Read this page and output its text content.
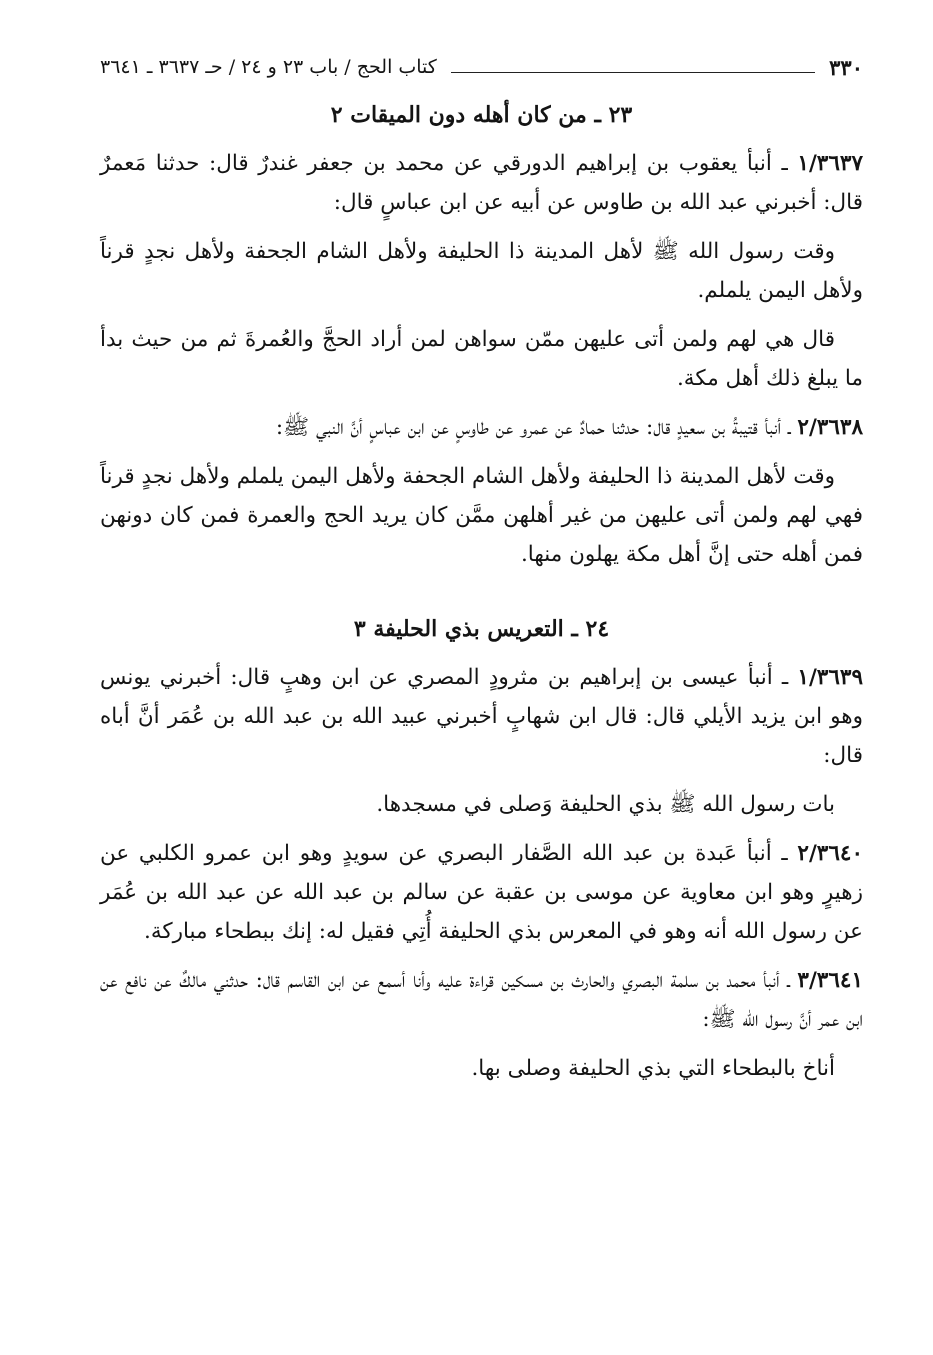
٣٣٠
كتاب الحج / باب ٢٣ و ٢٤ / حـ ٣٦٣٧ ـ ٣٦٤١
٢٣ ـ من كان أهله دون الميقات ٢

١/٣٦٣٧ ـ أنبأ يعقوب بن إبراهيم الدورقي عن محمد بن جعفر غندرٌ قال: حدثنا مَعمرٌ قال: أخبرني عبد الله بن طاوس عن أبيه عن ابن عباسٍ قال:

وقت رسول الله ﷺ لأهل المدينة ذا الحليفة ولأهل الشام الجحفة ولأهل نجدٍ قرناً ولأهل اليمن يلملم.

قال هي لهم ولمن أتى عليهن ممّن سواهن لمن أراد الحجَّ والعُمرةَ ثم من حيث بدأ ما يبلغ ذلك أهل مكة.

٢/٣٦٣٨ ـ أنبأ قتيبةُ بن سعيدٍ قال: حدثنا حمادٌ عن عمرو عن طاوسٍ عن ابن عباسٍ أنَّ النبي ﷺ:

وقت لأهل المدينة ذا الحليفة ولأهل الشام الجحفة ولأهل اليمن يلملم ولأهل نجدٍ قرناً فهي لهم ولمن أتى عليهن من غير أهلهن ممَّن كان يريد الحج والعمرة فمن كان دونهن فمن أهله حتى إنَّ أهل مكة يهلون منها.

٢٤ ـ التعريس بذي الحليفة ٣

١/٣٦٣٩ ـ أنبأ عيسى بن إبراهيم بن مثرودٍ المصري عن ابن وهبٍ قال: أخبرني يونس وهو ابن يزيد الأيلي قال: قال ابن شهابٍ أخبرني عبيد الله بن عبد الله بن عُمَر أنَّ أباه قال:

بات رسول الله ﷺ بذي الحليفة وَصلى في مسجدها.

٢/٣٦٤٠ ـ أنبأ عَبدة بن عبد الله الصَّفار البصري عن سويدٍ وهو ابن عمرو الكلبي عن زهيرٍ وهو ابن معاوية عن موسى بن عقبة عن سالم بن عبد الله عن عبد الله بن عُمَر عن رسول الله أنه وهو في المعرس بذي الحليفة أُتِي فقيل له: إنك ببطحاء مباركة.

٣/٣٦٤١ ـ أنبأ محمد بن سلمة البصري والحارث بن مسكين قراءة عليه وأنا أسمع عن ابن القاسم قال: حدثني مالكٌ عن نافع عن ابن عمر أنَّ رسول الله ﷺ:

أناخ بالبطحاء التي بذي الحليفة وصلى بها.
